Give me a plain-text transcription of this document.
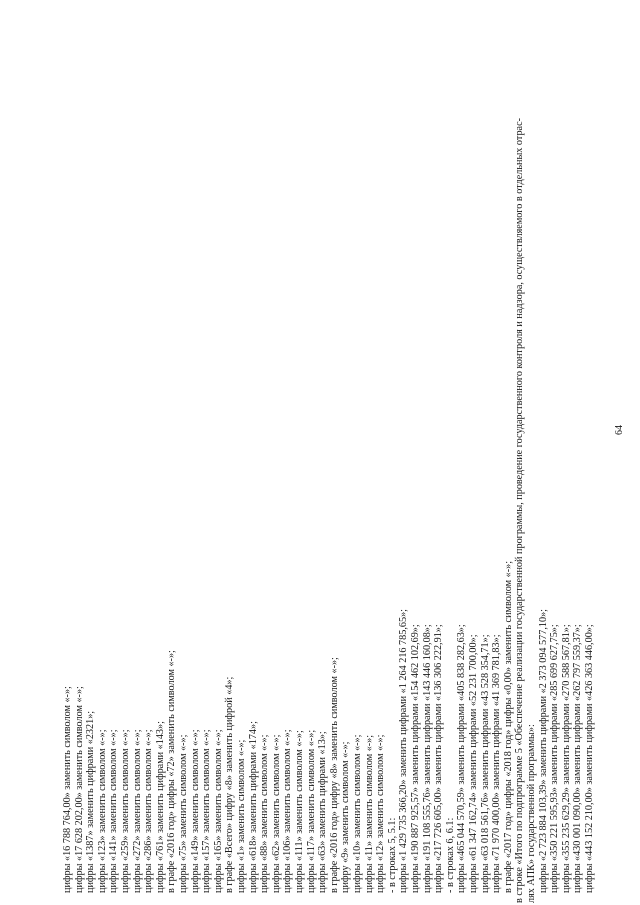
64
цифры «16 788 764,00» заменить символом «-»; цифры «17 628 202,00» заменить символом «-»; цифры «1387» заменить цифрами «2321»; цифры «123» заменить символом «-»; цифры «141» заменить символом «-»; цифры «259» заменить символом «-»; цифры «272» заменить символом «-»; цифры «286» заменить символом «-»; цифры «761» заменить цифрами «143»; в графе «2016 год» цифры «72» заменить символом «-»; цифры «75» заменить символом «-»; цифры «149» заменить символом «-»; цифры «157» заменить символом «-»; цифры «165» заменить символом «-»; в графе «Всего» цифру «8» заменить цифрой «4»; цифры «1» заменить символом «-»; цифры «618» заменить цифрами «174»; цифры «88» заменить символом «-»; цифры «62» заменить символом «-»; цифры «106» заменить символом «-»; цифры «111» заменить символом «-»; цифры «117» заменить символом «-»; цифры «63» заменить цифрами «13»; в графе «2016 год» цифру «8» заменить символом «-»; цифру «9» заменить символом «-»; цифры «10» заменить символом «-»; цифры «11» заменить символом «-»; цифры «12» заменить символом «-»; - в строках 5, 5.1: цифры «1 429 735 366,20» заменить цифрами «1 264 216 785,65»; цифры «190 887 925,57» заменить цифрами «154 462 102,69»; цифры «191 108 555,76» заменить цифрами «143 446 160,08»; цифры «217 726 605,00» заменить цифрами «136 306 222,91»; - в строках 6, 6.1: цифры «465 044 570,59» заменить цифрами «405 838 282,63»; цифры «61 347 162,74» заменить цифрами «52 231 700,00»; цифры «63 018 561,76» заменить цифрами «43 528 354,71»; цифры «71 970 400,00» заменить цифрами «41 369 781,83»; в графе «2017 год» цифры «2018 год» цифры «0,00» заменить символом «-»; в строке «Итого по подпрограмме 5 «Обеспечение реализации государственной программы, проведение государственного контроля и надзора, осуществляемого в отдельных отрас- лях АПК» государственной программы»: цифры «2 723 884 103,39» заменить цифрами «2 373 094 577,10»; цифры «350 221 595,93» заменить цифрами «285 699 627,75»; цифры «355 235 629,29» заменить цифрами «270 588 567,81»; цифры «430 001 090,00» заменить цифрами «262 797 559,37»; цифры «443 152 210,00» заменить цифрами «426 363 446,00»;
